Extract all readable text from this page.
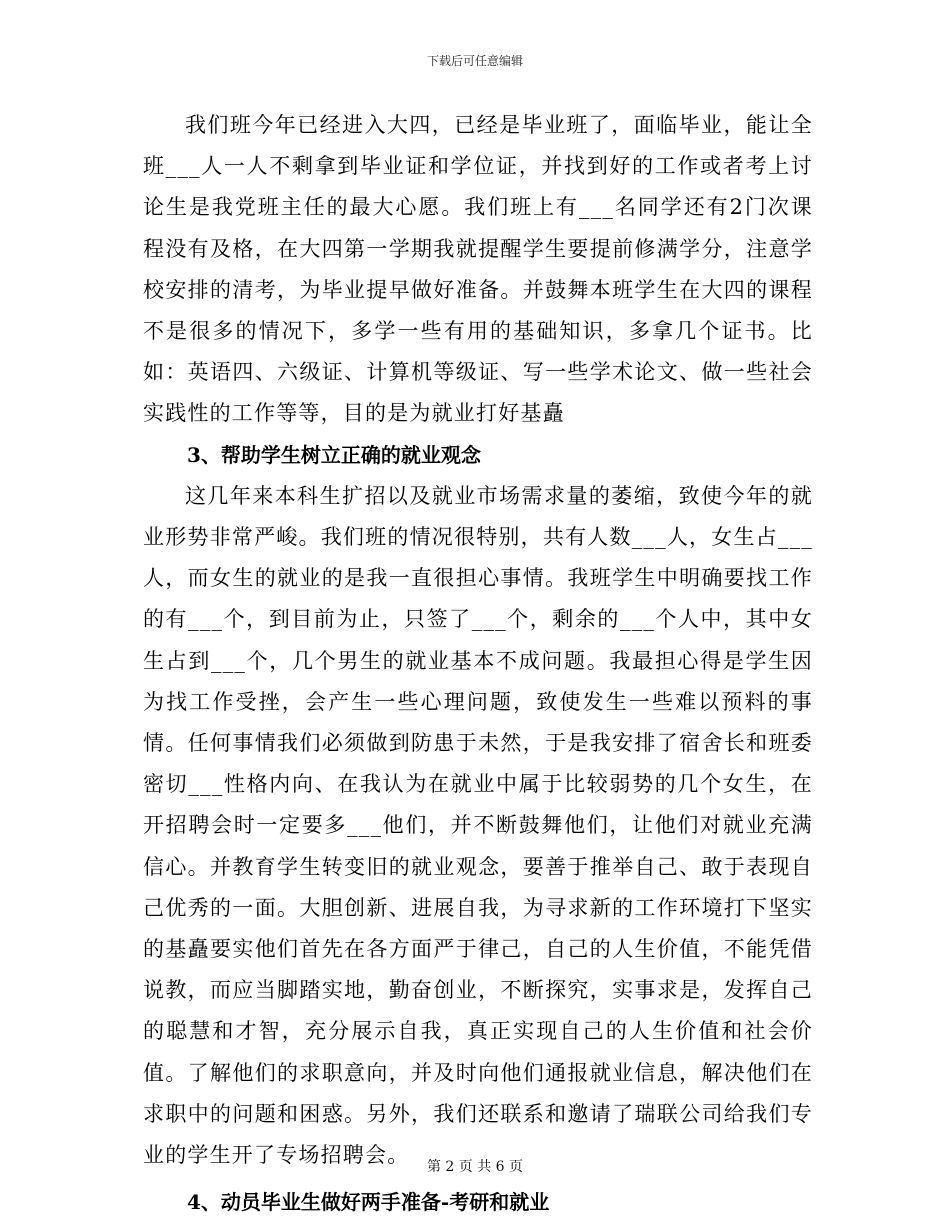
下载后可任意编辑

我们班今年已经进入大四，已经是毕业班了，面临毕业，能让全班___人一人不剩拿到毕业证和学位证，并找到好的工作或者考上讨论生是我党班主任的最大心愿。我们班上有___名同学还有2门次课程没有及格，在大四第一学期我就提醒学生要提前修满学分，注意学校安排的清考，为毕业提早做好准备。并鼓舞本班学生在大四的课程不是很多的情况下，多学一些有用的基础知识，多拿几个证书。比如：英语四、六级证、计算机等级证、写一些学术论文、做一些社会实践性的工作等等，目的是为就业打好基矗

3、帮助学生树立正确的就业观念

这几年来本科生扩招以及就业市场需求量的萎缩，致使今年的就业形势非常严峻。我们班的情况很特别，共有人数___人，女生占___人，而女生的就业的是我一直很担心事情。我班学生中明确要找工作的有___个，到目前为止，只签了___个，剩余的___个人中，其中女生占到___个，几个男生的就业基本不成问题。我最担心得是学生因为找工作受挫，会产生一些心理问题，致使发生一些难以预料的事情。任何事情我们必须做到防患于未然，于是我安排了宿舍长和班委密切___性格内向、在我认为在就业中属于比较弱势的几个女生，在开招聘会时一定要多___他们，并不断鼓舞他们，让他们对就业充满信心。并教育学生转变旧的就业观念，要善于推举自己、敢于表现自己优秀的一面。大胆创新、进展自我，为寻求新的工作环境打下坚实的基矗要实他们首先在各方面严于律己，自己的人生价值，不能凭借说教，而应当脚踏实地，勤奋创业，不断探究，实事求是，发挥自己的聪慧和才智，充分展示自我，真正实现自己的人生价值和社会价值。了解他们的求职意向，并及时向他们通报就业信息，解决他们在求职中的问题和困惑。另外，我们还联系和邀请了瑞联公司给我们专业的学生开了专场招聘会。

4、动员毕业生做好两手准备-考研和就业

第 2 页 共 6 页
